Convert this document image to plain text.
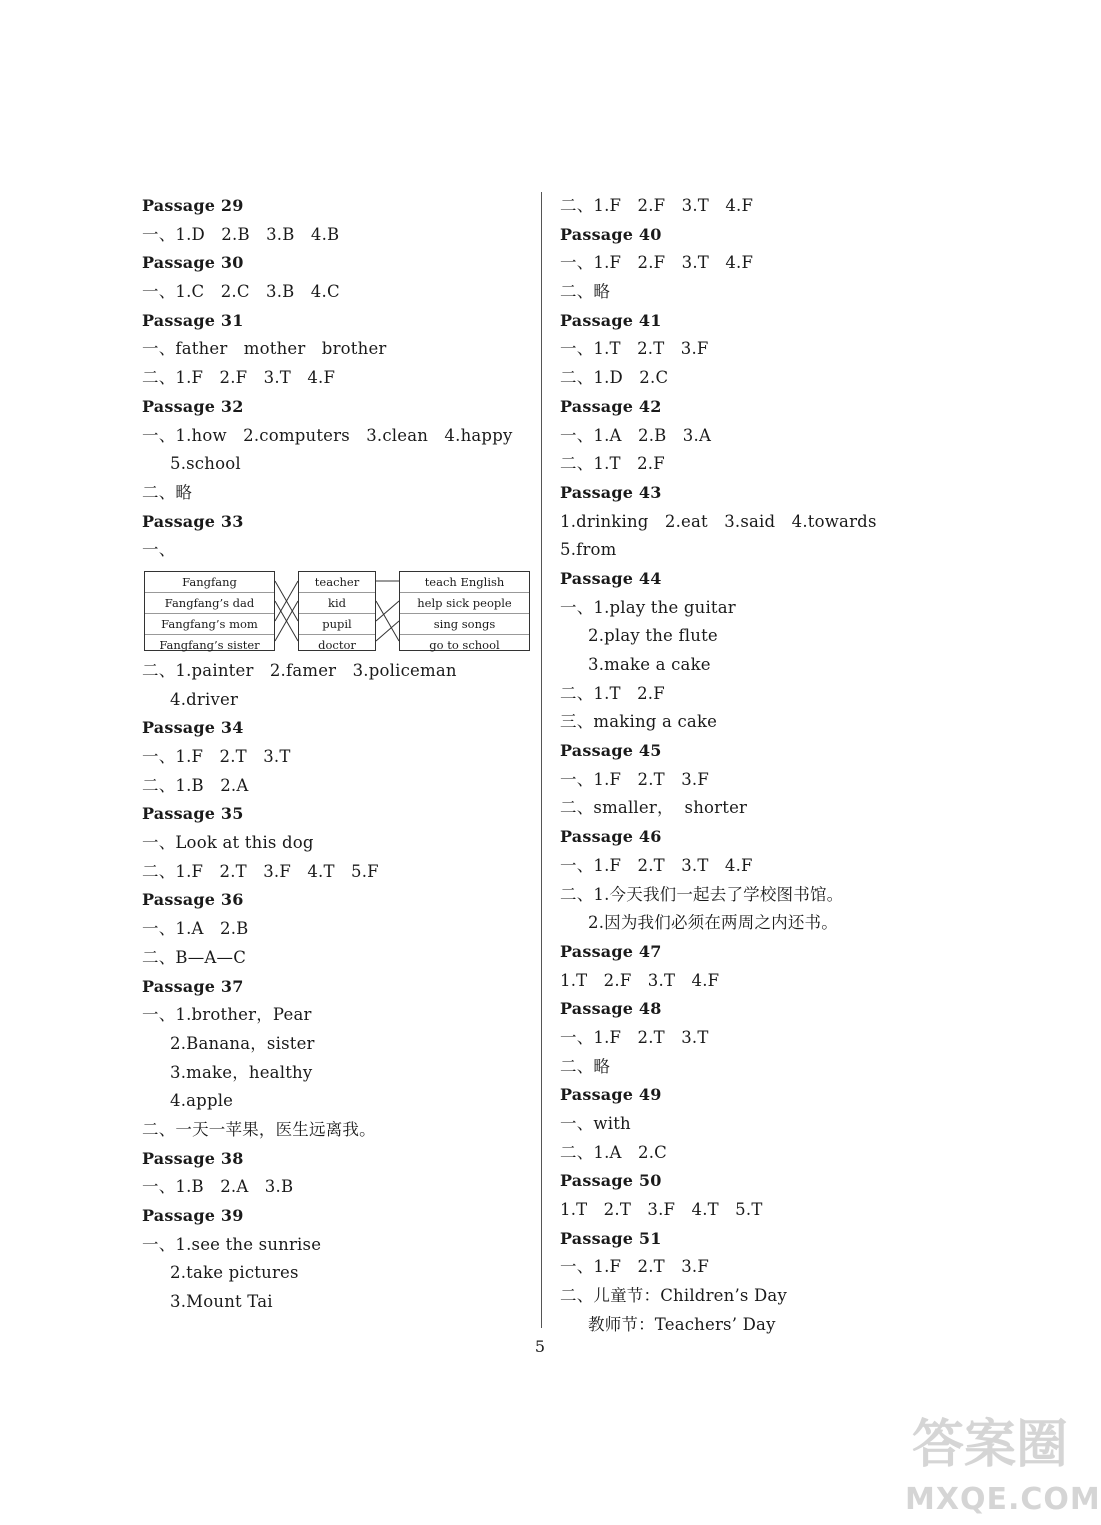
Passage 29
一、1.D   2.B   3.B   4.B
Passage 30
一、1.C   2.C   3.B   4.C
Passage 31
一、father   mother   brother
二、1.F   2.F   3.T   4.F
Passage 32
一、1.how   2.computers   3.clean   4.happy
5.school
二、略
Passage 33
一、
Fangfang
Fangfang’s dad
Fangfang’s mom
Fangfang’s sister
teacher
kid
pupil
doctor
teach English
help sick people
sing songs
go to school
二、1.painter   2.famer   3.policeman
4.driver
Passage 34
一、1.F   2.T   3.T
二、1.B   2.A
Passage 35
一、Look at this dog
二、1.F   2.T   3.F   4.T   5.F
Passage 36
一、1.A   2.B
二、B—A—C
Passage 37
一、1.brother，Pear
2.Banana，sister
3.make，healthy
4.apple
二、一天一苹果，医生远离我。
Passage 38
一、1.B   2.A   3.B
Passage 39
一、1.see the sunrise
2.take pictures
3.Mount Tai
二、1.F   2.F   3.T   4.F
Passage 40
一、1.F   2.F   3.T   4.F
二、略
Passage 41
一、1.T   2.T   3.F
二、1.D   2.C
Passage 42
一、1.A   2.B   3.A
二、1.T   2.F
Passage 43
1.drinking   2.eat   3.said   4.towards
5.from
Passage 44
一、1.play the guitar
2.play the flute
3.make a cake
二、1.T   2.F
三、making a cake
Passage 45
一、1.F   2.T   3.F
二、smaller，  shorter
Passage 46
一、1.F   2.T   3.T   4.F
二、1.今天我们一起去了学校图书馆。
2.因为我们必须在两周之内还书。
Passage 47
1.T   2.F   3.T   4.F
Passage 48
一、1.F   2.T   3.T
二、略
Passage 49
一、with
二、1.A   2.C
Passage 50
1.T   2.T   3.F   4.T   5.T
Passage 51
一、1.F   2.T   3.F
二、儿童节：Children’s Day
教师节：Teachers’ Day
5
答案圈
MXQE.COM
